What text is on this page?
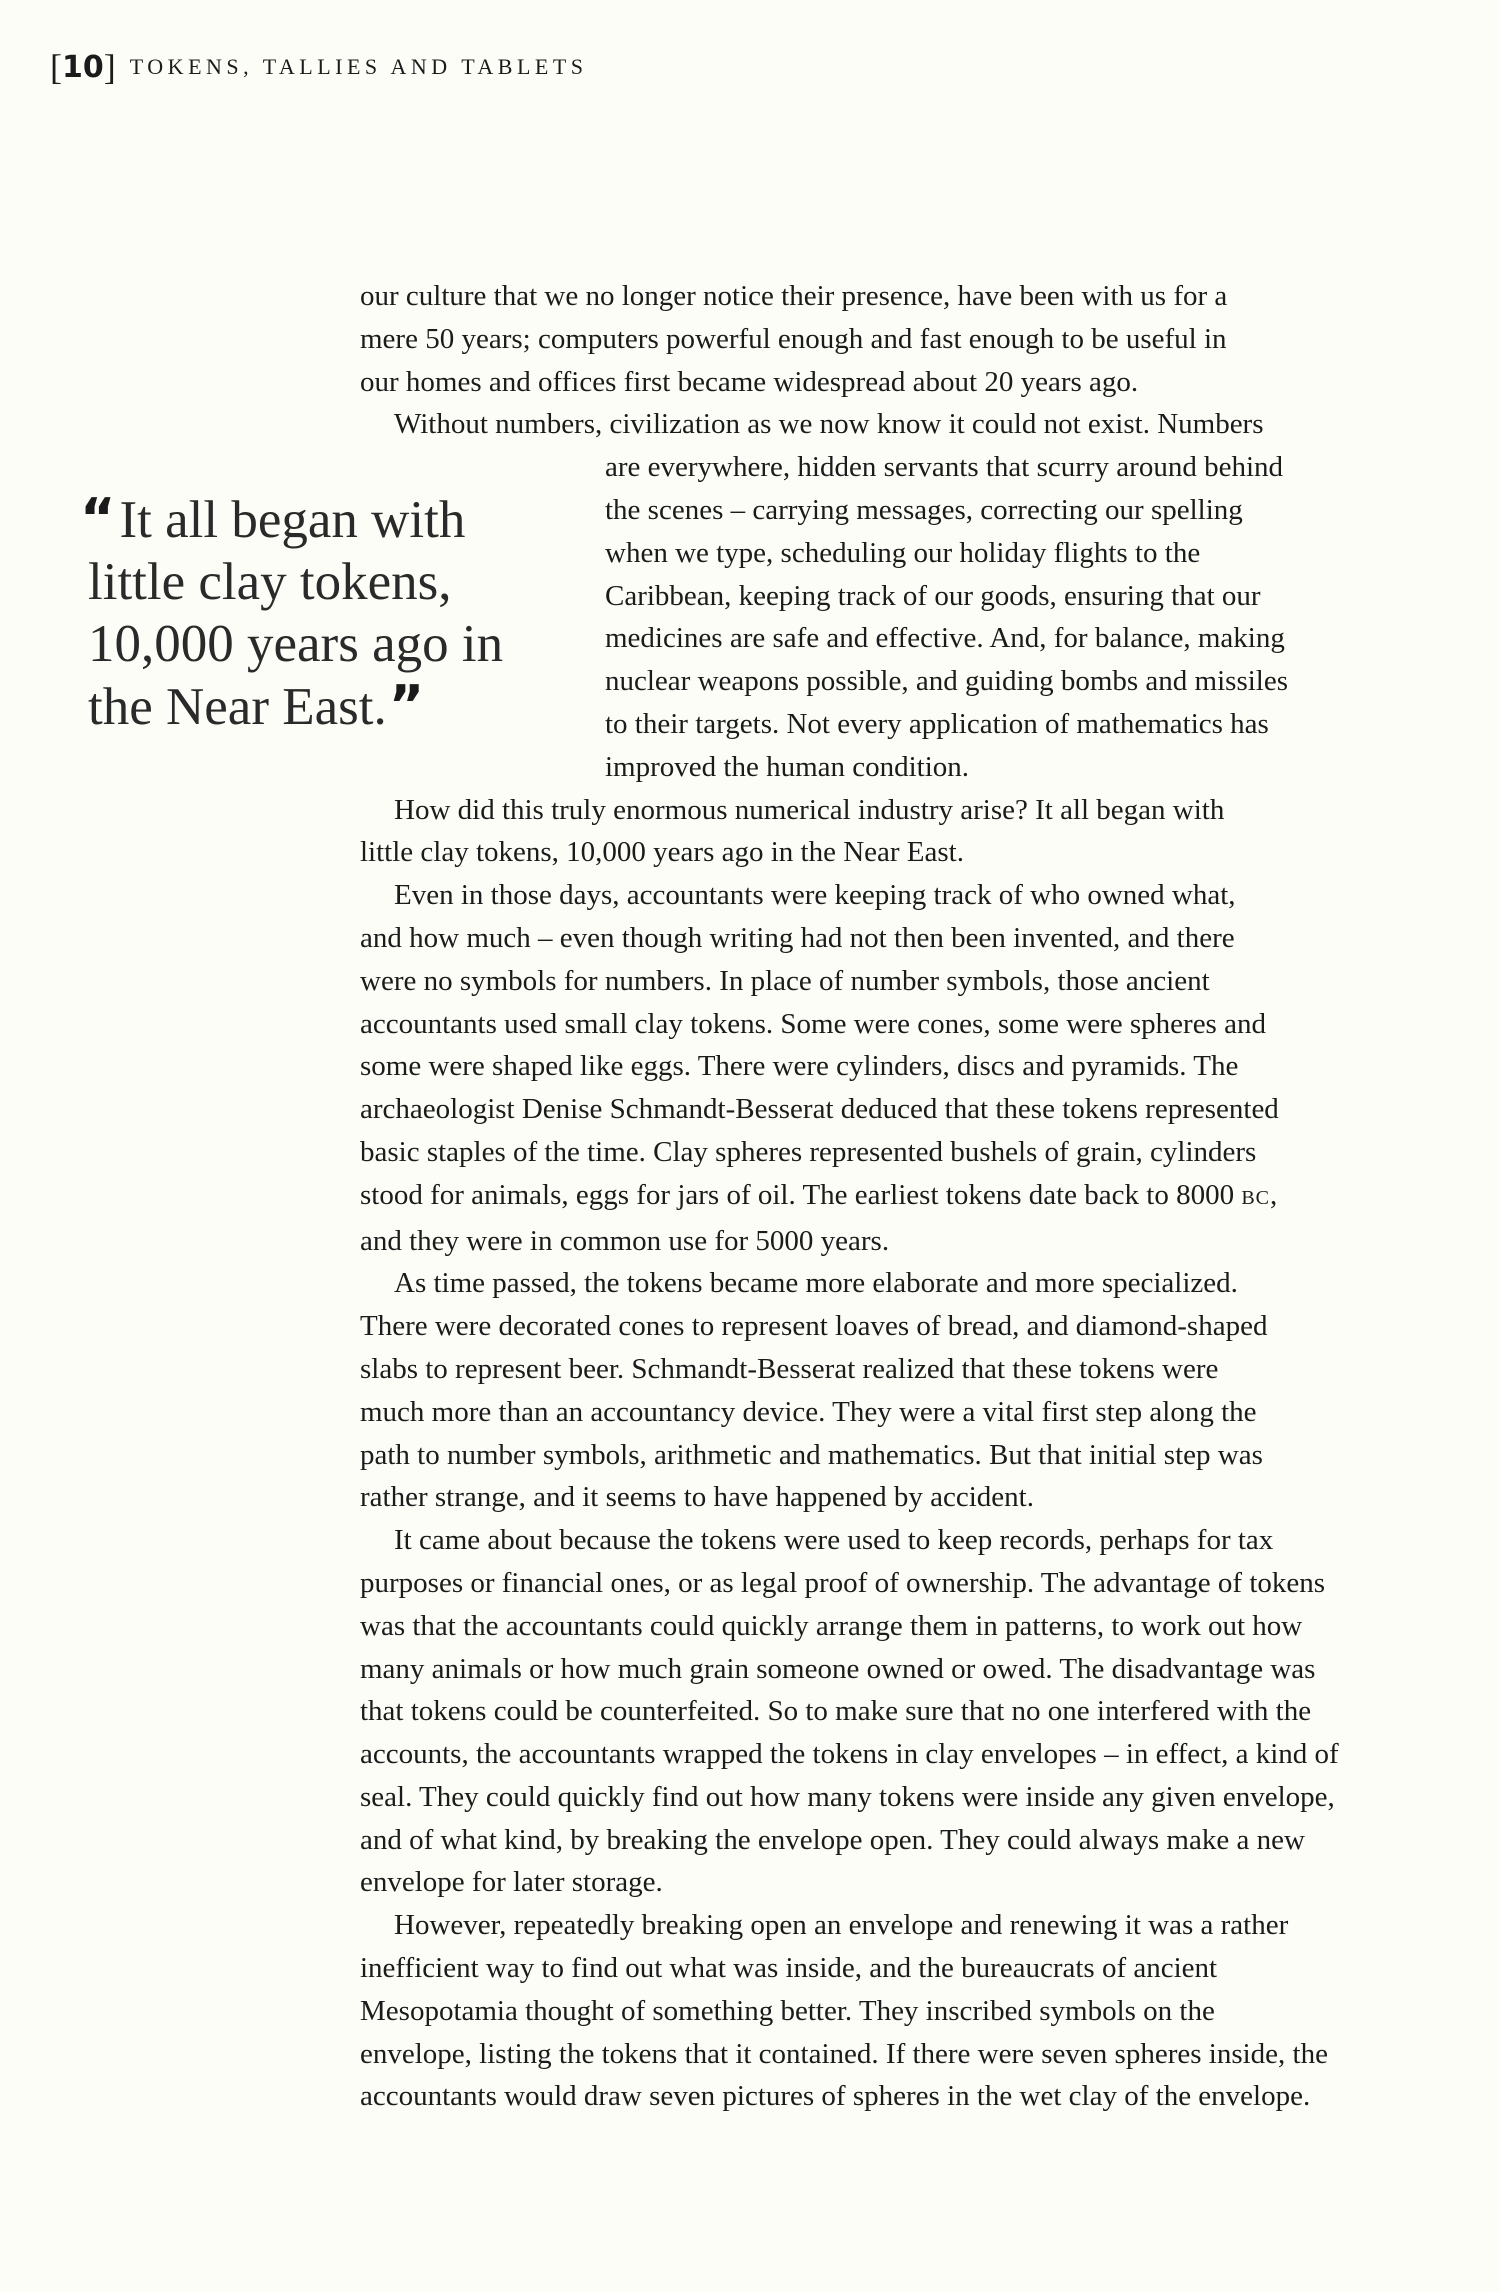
[10] TOKENS, TALLIES AND TABLETS

“It all began with
little clay tokens,
10,000 years ago in
the Near East.”

our culture that we no longer notice their presence, have been with us for a
mere 50 years; computers powerful enough and fast enough to be useful in
our homes and offices first became widespread about 20 years ago.
Without numbers, civilization as we now know it could not exist. Numbers
are everywhere, hidden servants that scurry around behind
the scenes – carrying messages, correcting our spelling
when we type, scheduling our holiday flights to the
Caribbean, keeping track of our goods, ensuring that our
medicines are safe and effective. And, for balance, making
nuclear weapons possible, and guiding bombs and missiles
to their targets. Not every application of mathematics has
improved the human condition.
How did this truly enormous numerical industry arise? It all began with
little clay tokens, 10,000 years ago in the Near East.
Even in those days, accountants were keeping track of who owned what,
and how much – even though writing had not then been invented, and there
were no symbols for numbers. In place of number symbols, those ancient
accountants used small clay tokens. Some were cones, some were spheres and
some were shaped like eggs. There were cylinders, discs and pyramids. The
archaeologist Denise Schmandt-Besserat deduced that these tokens represented
basic staples of the time. Clay spheres represented bushels of grain, cylinders
stood for animals, eggs for jars of oil. The earliest tokens date back to 8000 BC,
and they were in common use for 5000 years.
As time passed, the tokens became more elaborate and more specialized.
There were decorated cones to represent loaves of bread, and diamond-shaped
slabs to represent beer. Schmandt-Besserat realized that these tokens were
much more than an accountancy device. They were a vital first step along the
path to number symbols, arithmetic and mathematics. But that initial step was
rather strange, and it seems to have happened by accident.
It came about because the tokens were used to keep records, perhaps for tax
purposes or financial ones, or as legal proof of ownership. The advantage of tokens
was that the accountants could quickly arrange them in patterns, to work out how
many animals or how much grain someone owned or owed. The disadvantage was
that tokens could be counterfeited. So to make sure that no one interfered with the
accounts, the accountants wrapped the tokens in clay envelopes – in effect, a kind of
seal. They could quickly find out how many tokens were inside any given envelope,
and of what kind, by breaking the envelope open. They could always make a new
envelope for later storage.
However, repeatedly breaking open an envelope and renewing it was a rather
inefficient way to find out what was inside, and the bureaucrats of ancient
Mesopotamia thought of something better. They inscribed symbols on the
envelope, listing the tokens that it contained. If there were seven spheres inside, the
accountants would draw seven pictures of spheres in the wet clay of the envelope.
